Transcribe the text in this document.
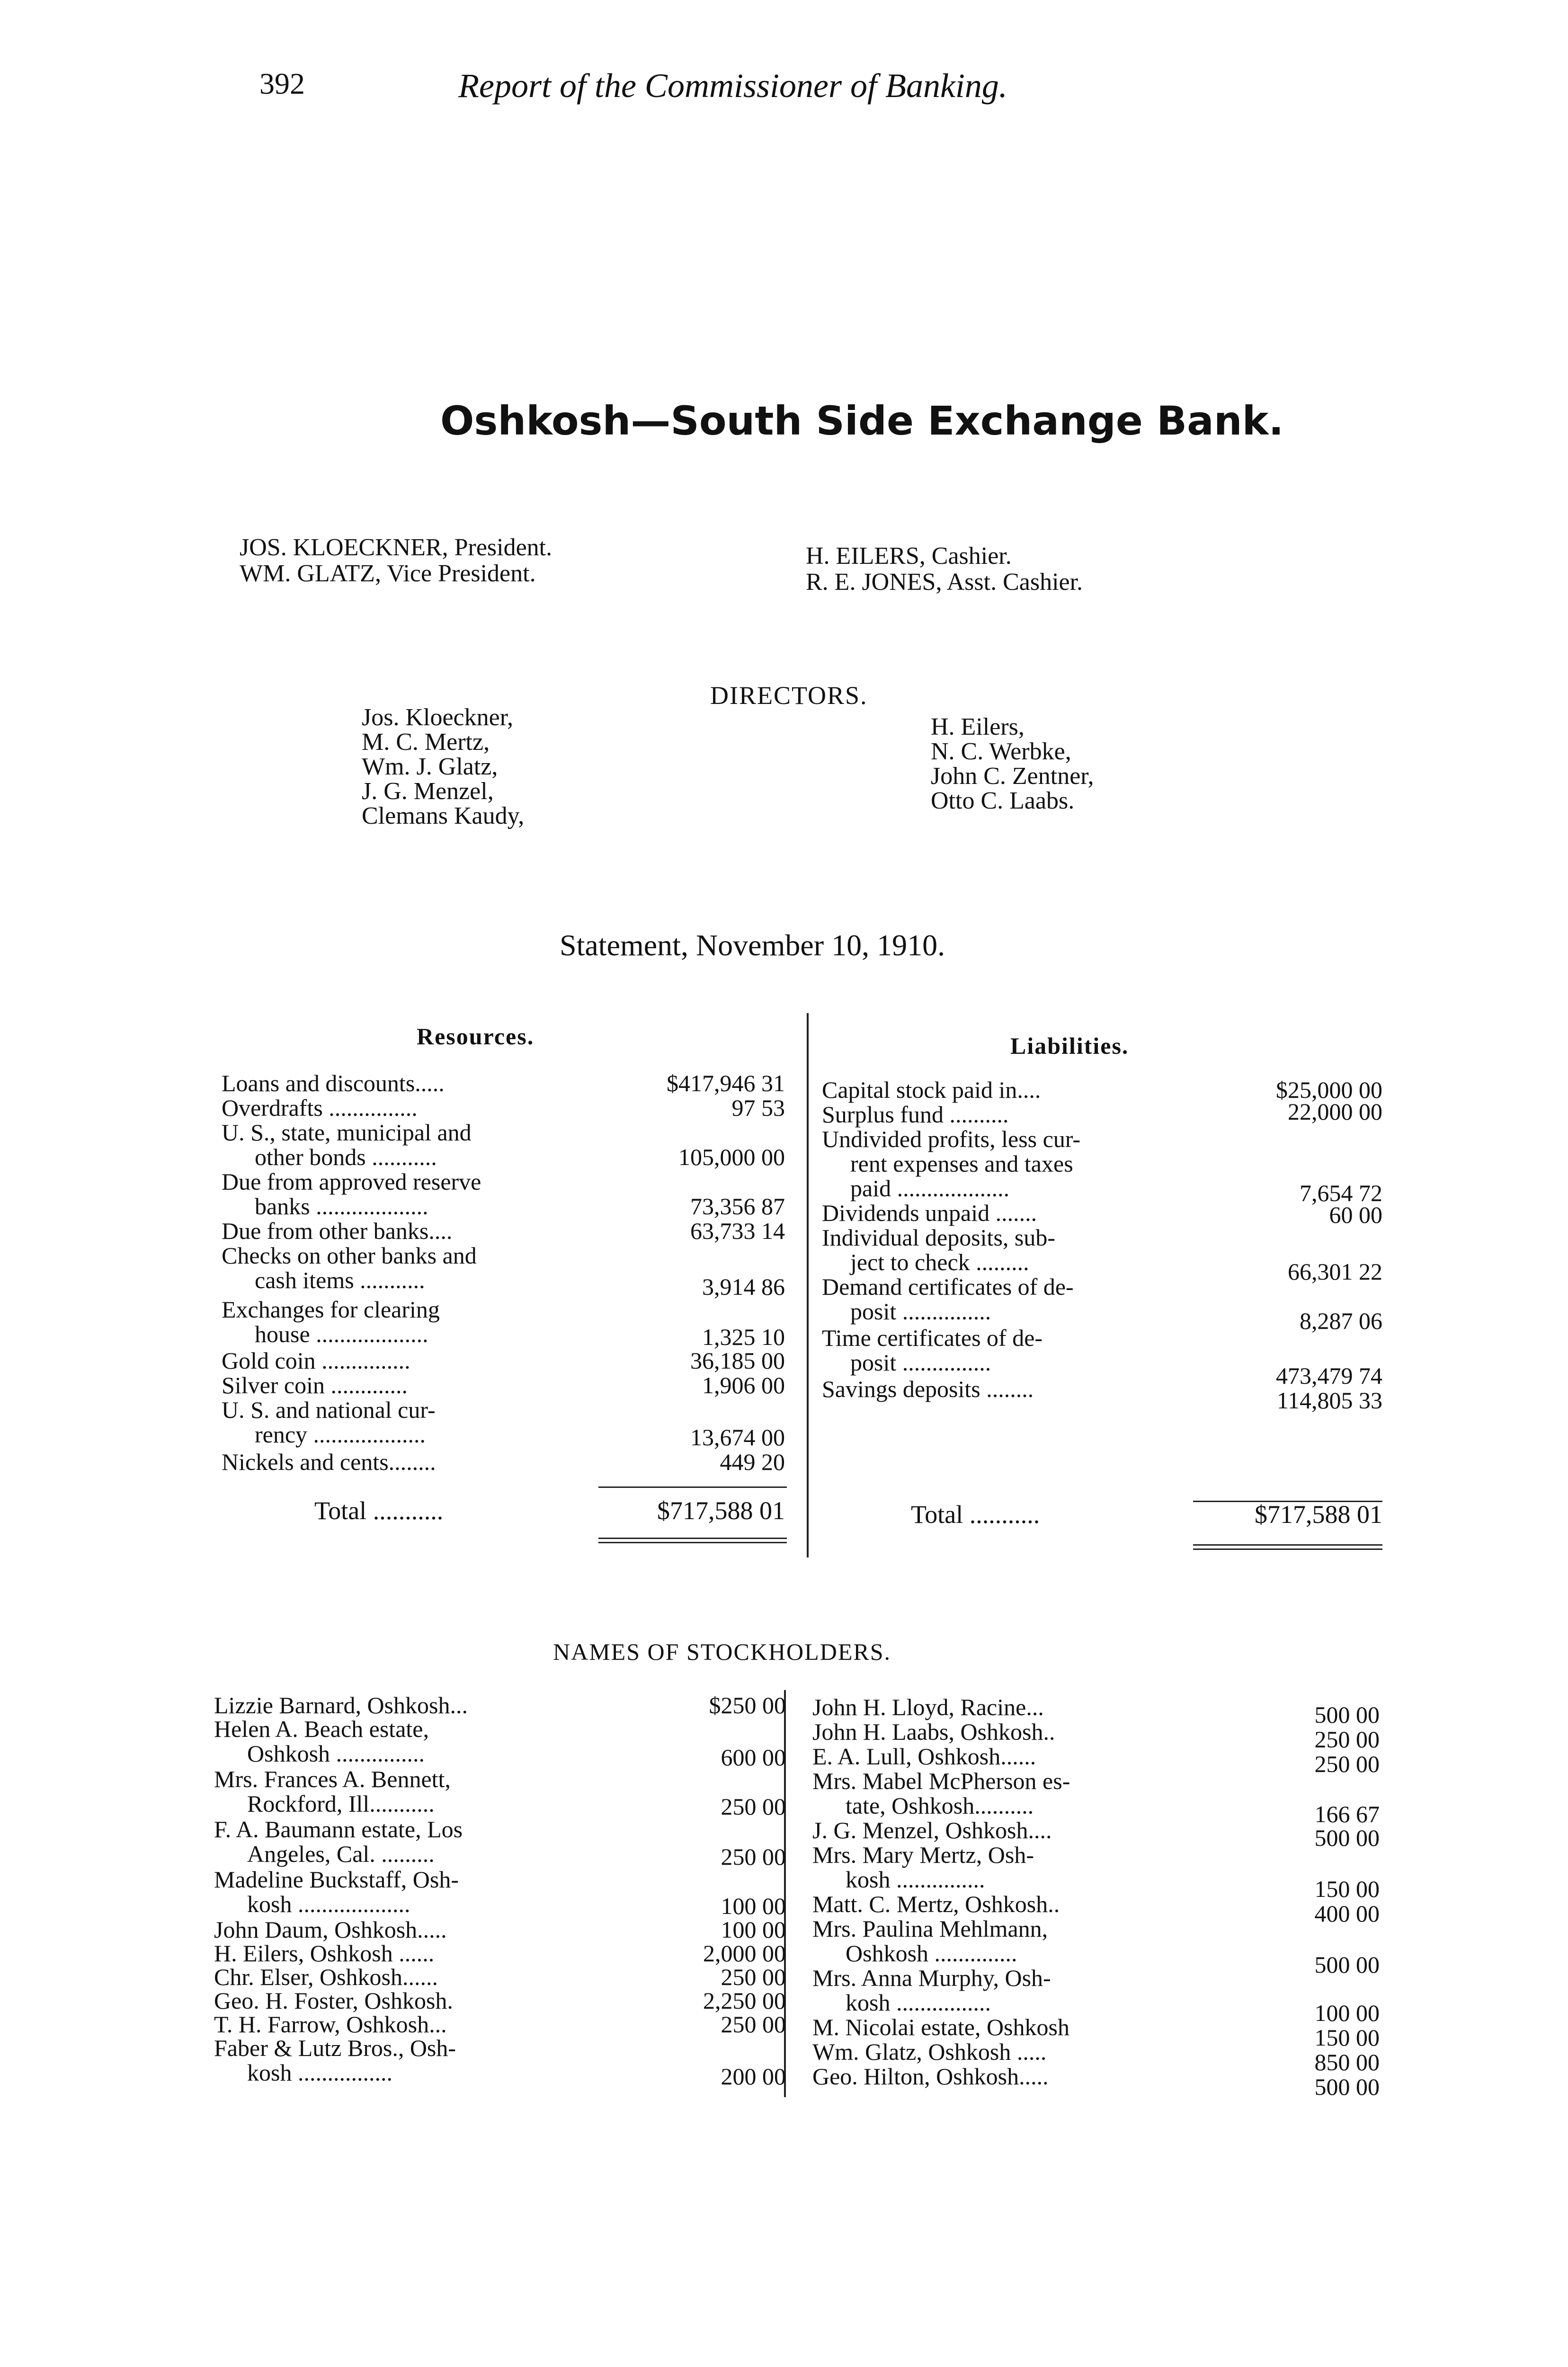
392	Report of the Commissioner of Banking.
Oshkosh—South Side Exchange Bank.
JOS. KLOECKNER, President.
WM. GLATZ, Vice President.
H. EILERS, Cashier.
R. E. JONES, Asst. Cashier.
DIRECTORS.
Jos. Kloeckner,
M. C. Mertz,
Wm. J. Glatz,
J. G. Menzel,
Clemans Kaudy,
H. Eilers,
N. C. Werbke,
John C. Zentner,
Otto C. Laabs.
Statement, November 10, 1910.
Resources.	Liabilities.
Loans and discounts.....	$417,946 31
Overdrafts ...............	97 53
U. S., state, municipal and
other bonds ...........	105,000 00
Due from approved reserve
banks ...................	73,356 87
Due from other banks....	63,733 14
Checks on other banks and
cash items ...........	3,914 86
Exchanges for clearing
house ...................	1,325 10
Gold coin ...............	36,185 00
Silver coin .............	1,906 00
U. S. and national cur-
rency ...................	13,674 00
Nickels and cents........	449 20
Total ...........	$717,588 01
Capital stock paid in....	$25,000 00
Surplus fund ..........	22,000 00
Undivided profits, less cur-
rent expenses and taxes
paid ...................	7,654 72
Dividends unpaid .......	60 00
Individual deposits, sub-
ject to check .........	66,301 22
Demand certificates of de-
posit ...............	8,287 06
Time certificates of de-
posit ...............	473,479 74
Savings deposits ........	114,805 33
Total ...........	$717,588 01
NAMES OF STOCKHOLDERS.
Lizzie Barnard, Oshkosh...	$250 00
Helen A. Beach estate,
Oshkosh ...............	600 00
Mrs. Frances A. Bennett,
Rockford, Ill...........	250 00
F. A. Baumann estate, Los
Angeles, Cal. .........	250 00
Madeline Buckstaff, Osh-
kosh ...................	100 00
John Daum, Oshkosh.....	100 00
H. Eilers, Oshkosh ......	2,000 00
Chr. Elser, Oshkosh......	250 00
Geo. H. Foster, Oshkosh.	2,250 00
T. H. Farrow, Oshkosh...	250 00
Faber & Lutz Bros., Osh-
kosh ................	200 00
John H. Lloyd, Racine...	500 00
John H. Laabs, Oshkosh..	250 00
E. A. Lull, Oshkosh......	250 00
Mrs. Mabel McPherson es-
tate, Oshkosh..........	166 67
J. G. Menzel, Oshkosh....	500 00
Mrs. Mary Mertz, Osh-
kosh ...............	150 00
Matt. C. Mertz, Oshkosh..	400 00
Mrs. Paulina Mehlmann,
Oshkosh ..............	500 00
Mrs. Anna Murphy, Osh-
kosh ................	100 00
M. Nicolai estate, Oshkosh	150 00
Wm. Glatz, Oshkosh .....	850 00
Geo. Hilton, Oshkosh.....	500 00
